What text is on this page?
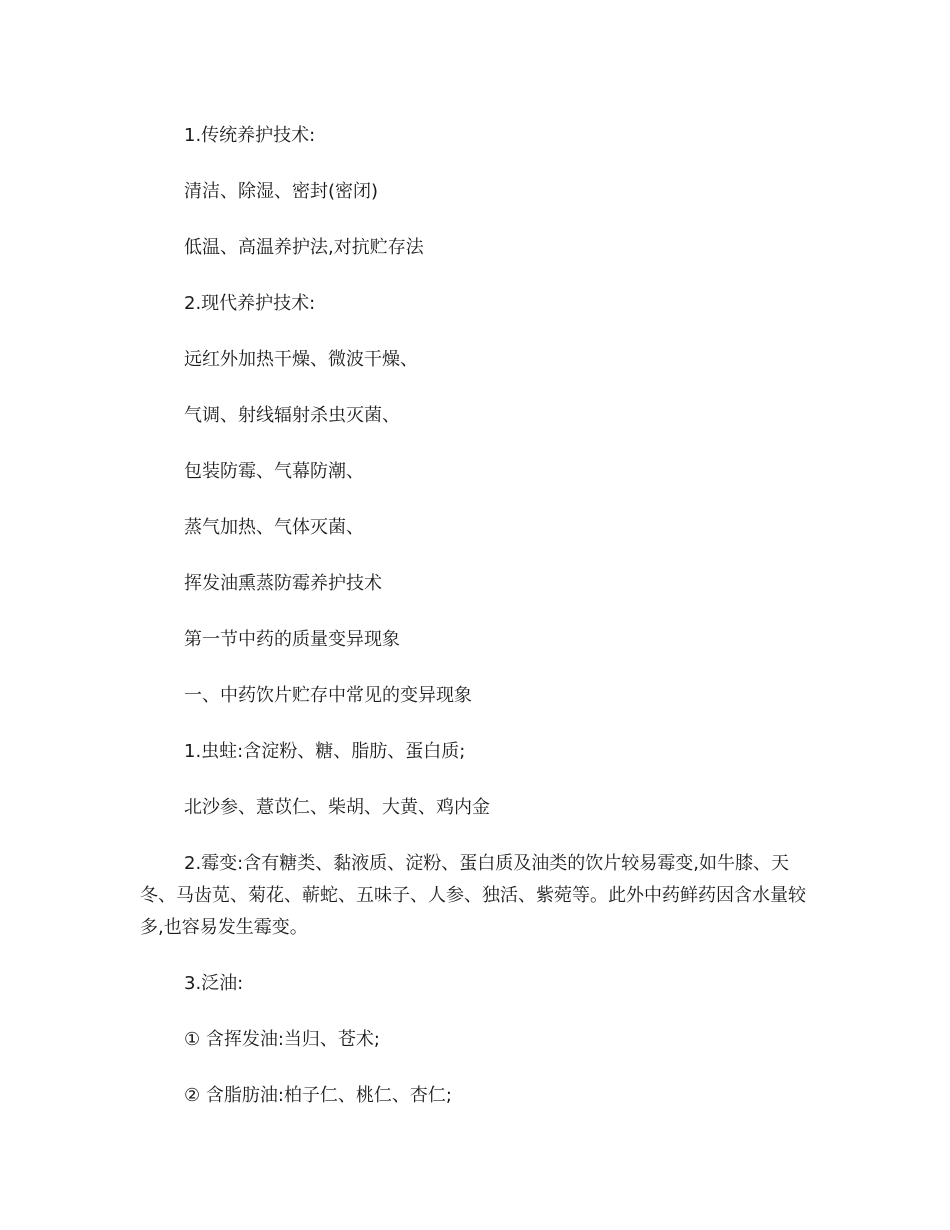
1.传统养护技术:

清洁、除湿、密封(密闭)

低温、高温养护法,对抗贮存法

2.现代养护技术:

远红外加热干燥、微波干燥、

气调、射线辐射杀虫灭菌、

包装防霉、气幕防潮、

蒸气加热、气体灭菌、

挥发油熏蒸防霉养护技术

第一节中药的质量变异现象

一、中药饮片贮存中常见的变异现象

1.虫蛀:含淀粉、糖、脂肪、蛋白质;

北沙参、薏苡仁、柴胡、大黄、鸡内金

2.霉变:含有糖类、黏液质、淀粉、蛋白质及油类的饮片较易霉变,如牛膝、天冬、马齿苋、菊花、蕲蛇、五味子、人参、独活、紫菀等。此外中药鲜药因含水量较多,也容易发生霉变。

3.泛油:

① 含挥发油:当归、苍术;

② 含脂肪油:柏子仁、桃仁、杏仁;
